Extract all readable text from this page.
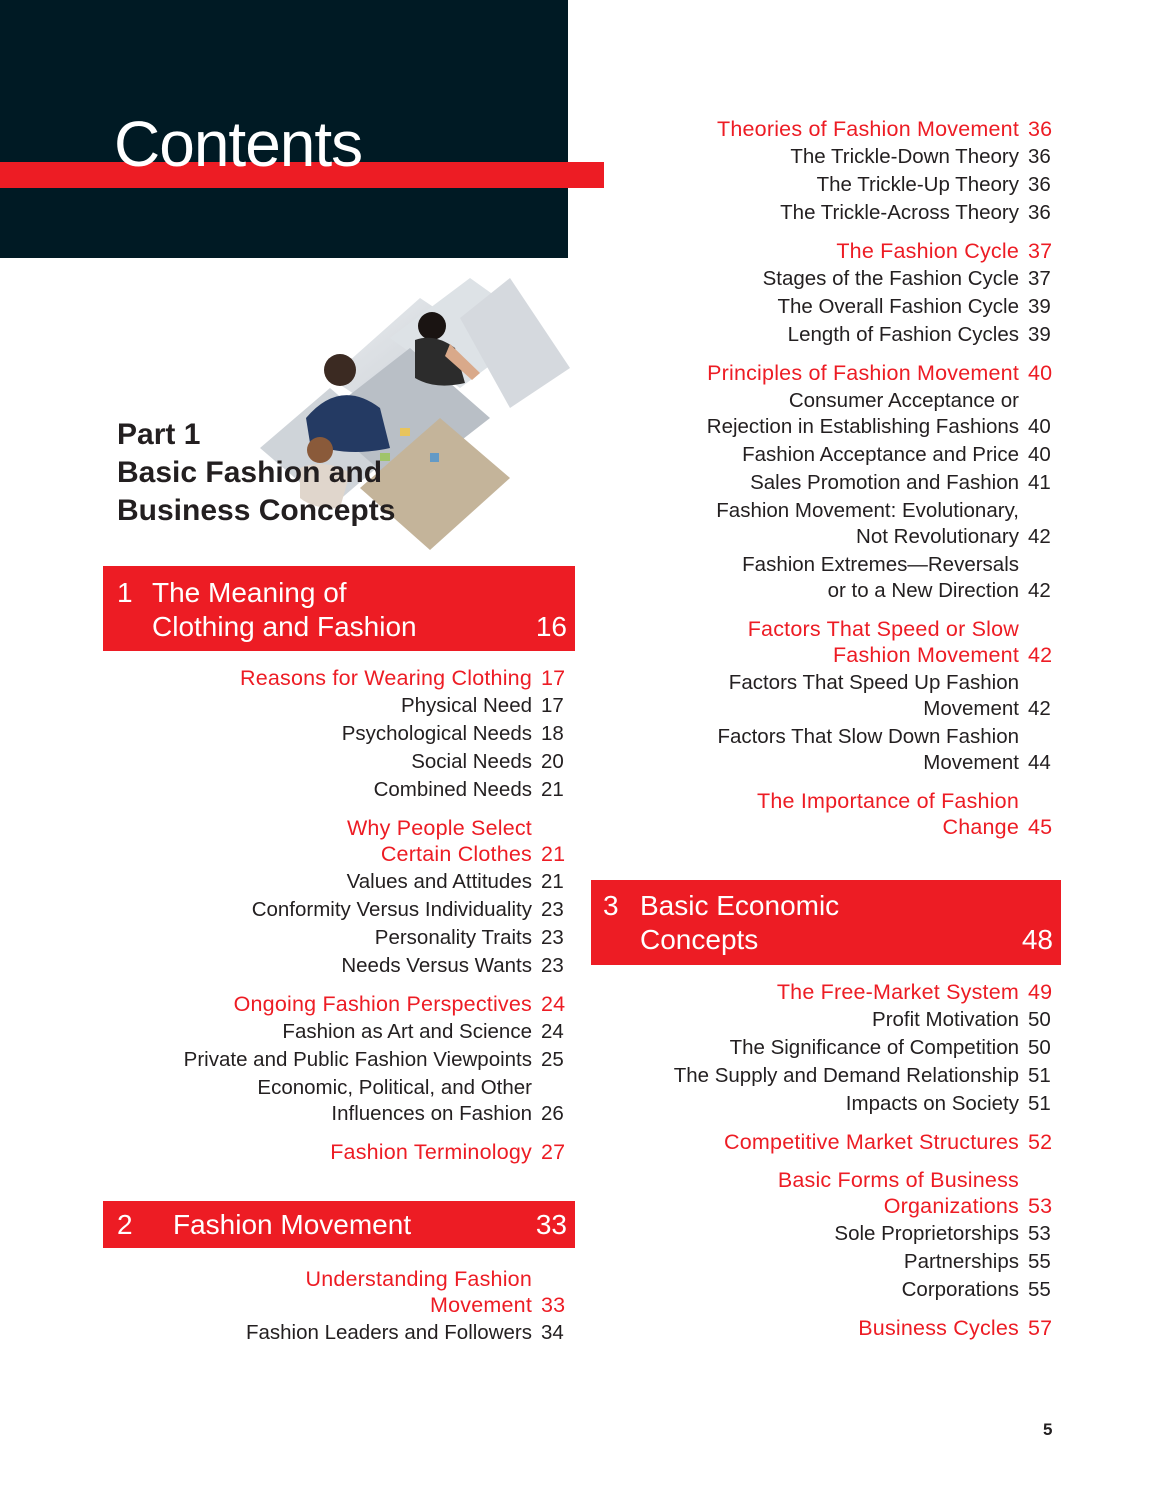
Contents
Part 1
Basic Fashion and
Business Concepts
1 The Meaning of
Clothing and Fashion	16
Reasons for Wearing Clothing 17
Physical Need 17
Psychological Needs 18
Social Needs 20
Combined Needs 21
Why People Select
Certain Clothes 21
Values and Attitudes 21
Conformity Versus Individuality 23
Personality Traits 23
Needs Versus Wants 23
Ongoing Fashion Perspectives 24
Fashion as Art and Science 24
Private and Public Fashion Viewpoints 25
Economic, Political, and Other
Influences on Fashion 26
Fashion Terminology 27
2 Fashion Movement	33
Understanding Fashion
Movement 33
Fashion Leaders and Followers 34
Theories of Fashion Movement 36
The Trickle-Down Theory 36
The Trickle-Up Theory 36
The Trickle-Across Theory 36
The Fashion Cycle 37
Stages of the Fashion Cycle 37
The Overall Fashion Cycle 39
Length of Fashion Cycles 39
Principles of Fashion Movement 40
Consumer Acceptance or
Rejection in Establishing Fashions 40
Fashion Acceptance and Price 40
Sales Promotion and Fashion 41
Fashion Movement: Evolutionary,
Not Revolutionary 42
Fashion Extremes—Reversals
or to a New Direction 42
Factors That Speed or Slow
Fashion Movement 42
Factors That Speed Up Fashion
Movement 42
Factors That Slow Down Fashion
Movement 44
The Importance of Fashion
Change 45
3 Basic Economic
Concepts	48
The Free-Market System 49
Profit Motivation 50
The Significance of Competition 50
The Supply and Demand Relationship 51
Impacts on Society 51
Competitive Market Structures 52
Basic Forms of Business
Organizations 53
Sole Proprietorships 53
Partnerships 55
Corporations 55
Business Cycles 57
5
